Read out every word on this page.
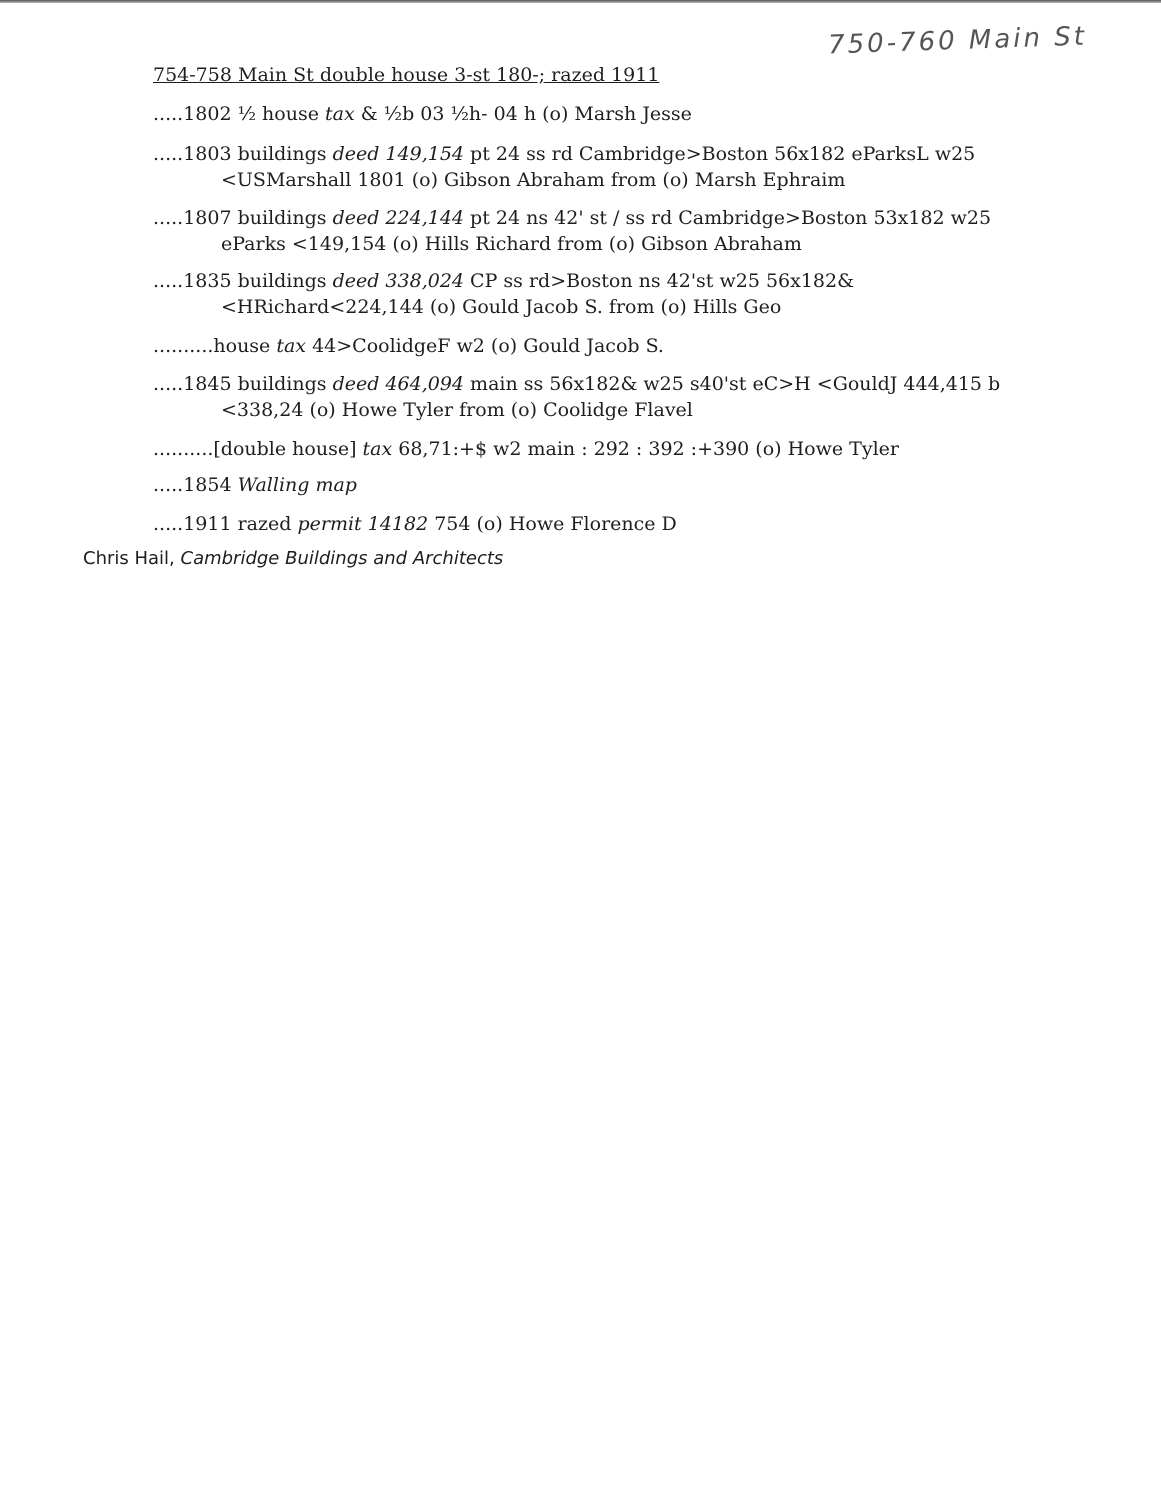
750-760 Main St
754-758 Main St double house 3-st 180-; razed 1911
.....1802 ½ house tax & ½b 03 ½h- 04 h (o) Marsh Jesse
.....1803 buildings deed 149,154 pt 24 ss rd Cambridge>Boston 56x182 eParksL w25
<USMarshall 1801 (o) Gibson Abraham from (o) Marsh Ephraim
.....1807 buildings deed 224,144 pt 24 ns 42' st / ss rd Cambridge>Boston 53x182 w25
eParks <149,154 (o) Hills Richard from (o) Gibson Abraham
.....1835 buildings deed 338,024 CP ss rd>Boston ns 42'st w25 56x182&
<HRichard<224,144 (o) Gould Jacob S. from (o) Hills Geo
..........house tax 44>CoolidgeF w2 (o) Gould Jacob S.
.....1845 buildings deed 464,094 main ss 56x182& w25 s40'st eC>H <GouldJ 444,415 b
<338,24 (o) Howe Tyler from (o) Coolidge Flavel
..........[double house] tax 68,71:+$ w2 main : 292 : 392 :+390 (o) Howe Tyler
.....1854 Walling map
.....1911 razed permit 14182 754 (o) Howe Florence D
Chris Hail, Cambridge Buildings and Architects
